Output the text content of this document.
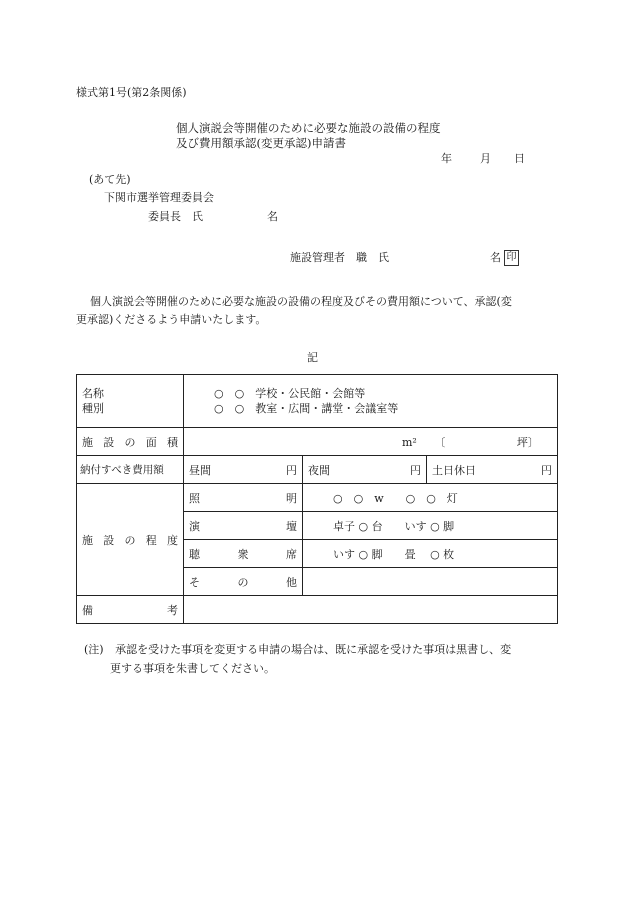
様式第1号(第2条関係)
個人演説会等開催のために必要な施設の設備の程度
及び費用額承認(変更承認)申請書
年	月 日
(あて先)
下関市選挙管理委員会
委員長　氏	名
施設管理者　職　氏	名 印
個人演説会等開催のために必要な施設の設備の程度及びその費用額について、承認(変
更承認)くださるよう申請いたします。
記
名称
種別	○　○　学校・公民館・会館等
○　○　教室・広間・講堂・会議室等		

施 設 の 面 積	m² 〔 坪〕		
納付すべき費用額	昼間 円	夜間 円	土日休日 円

施 設 の 程 度	照 明	○　○　w　　○　○　灯	

	演 壇	卓子 ○ 台　　いす ○ 脚	

	聴 衆 席	いす ○ 脚　　畳　 ○ 枚	

	そ の 他		

備 考			

(注) 承認を受けた事項を変更する申請の場合は、既に承認を受けた事項は黒書し、変
更する事項を朱書してください。
